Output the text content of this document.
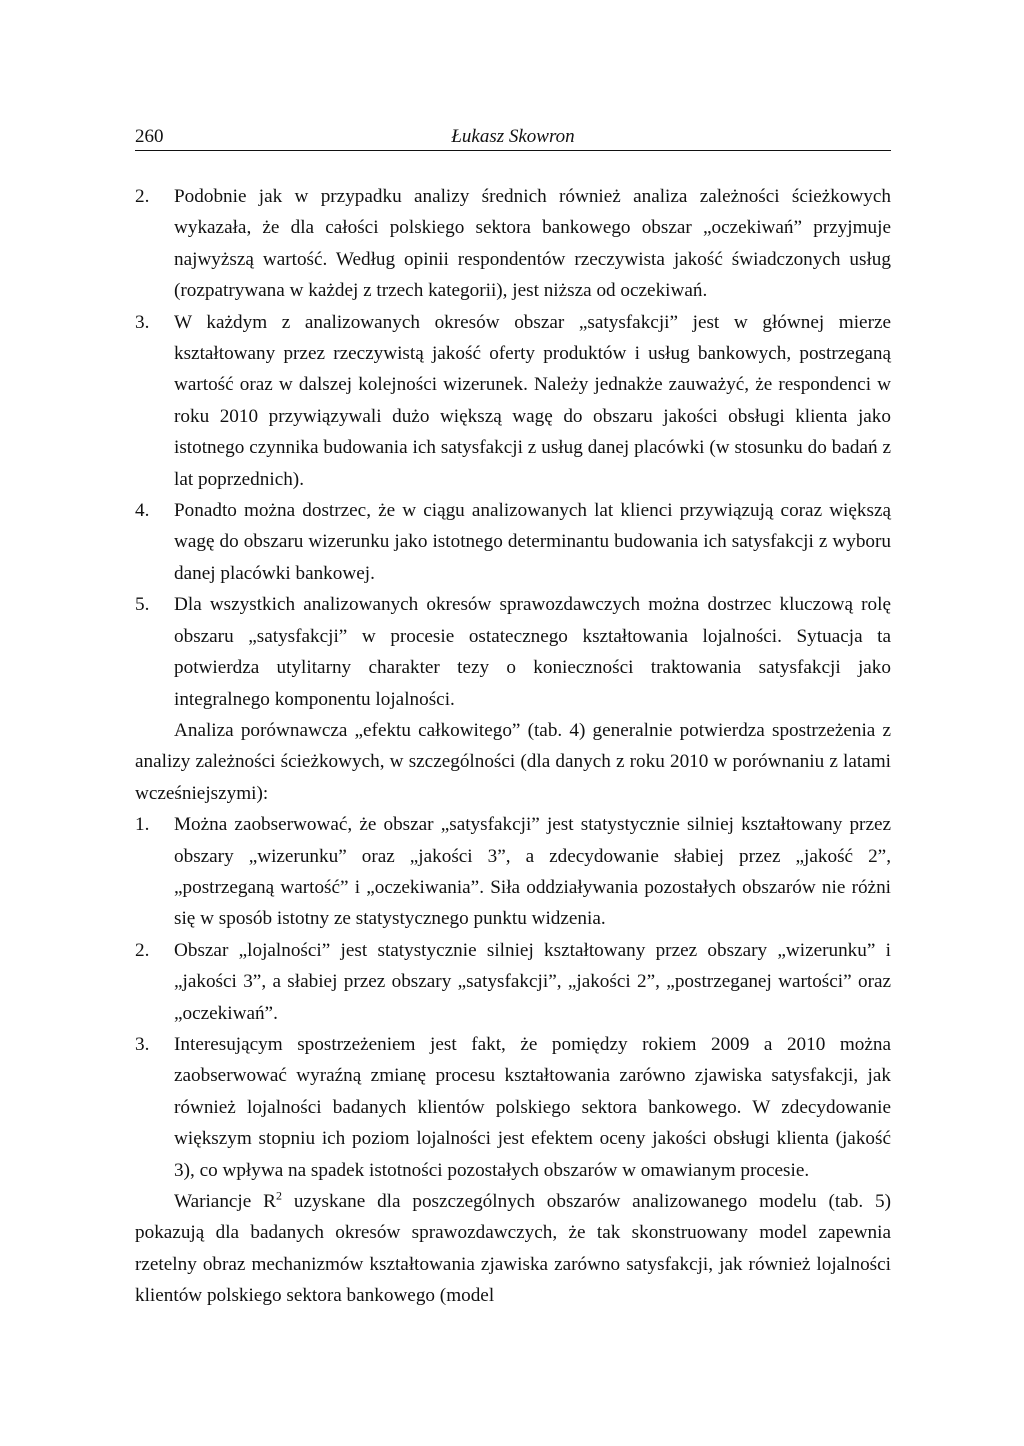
260	Łukasz Skowron
2. Podobnie jak w przypadku analizy średnich również analiza zależności ścieżkowych wykazała, że dla całości polskiego sektora bankowego obszar „oczekiwań” przyjmuje najwyższą wartość. Według opinii respondentów rzeczywista jakość świadczonych usług (rozpatrywana w każdej z trzech kategorii), jest niższa od oczekiwań.
3. W każdym z analizowanych okresów obszar „satysfakcji” jest w głównej mierze kształtowany przez rzeczywistą jakość oferty produktów i usług bankowych, postrzeganą wartość oraz w dalszej kolejności wizerunek. Należy jednakże zauważyć, że respondenci w roku 2010 przywiązywali dużo większą wagę do obszaru jakości obsługi klienta jako istotnego czynnika budowania ich satysfakcji z usług danej placówki (w stosunku do badań z lat poprzednich).
4. Ponadto można dostrzec, że w ciągu analizowanych lat klienci przywiązują coraz większą wagę do obszaru wizerunku jako istotnego determinantu budowania ich satysfakcji z wyboru danej placówki bankowej.
5. Dla wszystkich analizowanych okresów sprawozdawczych można dostrzec kluczową rolę obszaru „satysfakcji” w procesie ostatecznego kształtowania lojalności. Sytuacja ta potwierdza utylitarny charakter tezy o konieczności traktowania satysfakcji jako integralnego komponentu lojalności.

Analiza porównawcza „efektu całkowitego” (tab. 4) generalnie potwierdza spostrzeżenia z analizy zależności ścieżkowych, w szczególności (dla danych z roku 2010 w porównaniu z latami wcześniejszymi):

1. Można zaobserwować, że obszar „satysfakcji” jest statystycznie silniej kształtowany przez obszary „wizerunku” oraz „jakości 3”, a zdecydowanie słabiej przez „jakość 2”, „postrzeganą wartość” i „oczekiwania”. Siła oddziaływania pozostałych obszarów nie różni się w sposób istotny ze statystycznego punktu widzenia.
2. Obszar „lojalności” jest statystycznie silniej kształtowany przez obszary „wizerunku” i „jakości 3”, a słabiej przez obszary „satysfakcji”, „jakości 2”, „postrzeganej wartości” oraz „oczekiwań”.
3. Interesującym spostrzeżeniem jest fakt, że pomiędzy rokiem 2009 a 2010 można zaobserwować wyraźną zmianę procesu kształtowania zarówno zjawiska satysfakcji, jak również lojalności badanych klientów polskiego sektora bankowego. W zdecydowanie większym stopniu ich poziom lojalności jest efektem oceny jakości obsługi klienta (jakość 3), co wpływa na spadek istotności pozostałych obszarów w omawianym procesie.

Wariancje $R^2$ uzyskane dla poszczególnych obszarów analizowanego modelu (tab. 5) pokazują dla badanych okresów sprawozdawczych, że tak skonstruowany model zapewnia rzetelny obraz mechanizmów kształtowania zjawiska zarówno satysfakcji, jak również lojalności klientów polskiego sektora bankowego (model
